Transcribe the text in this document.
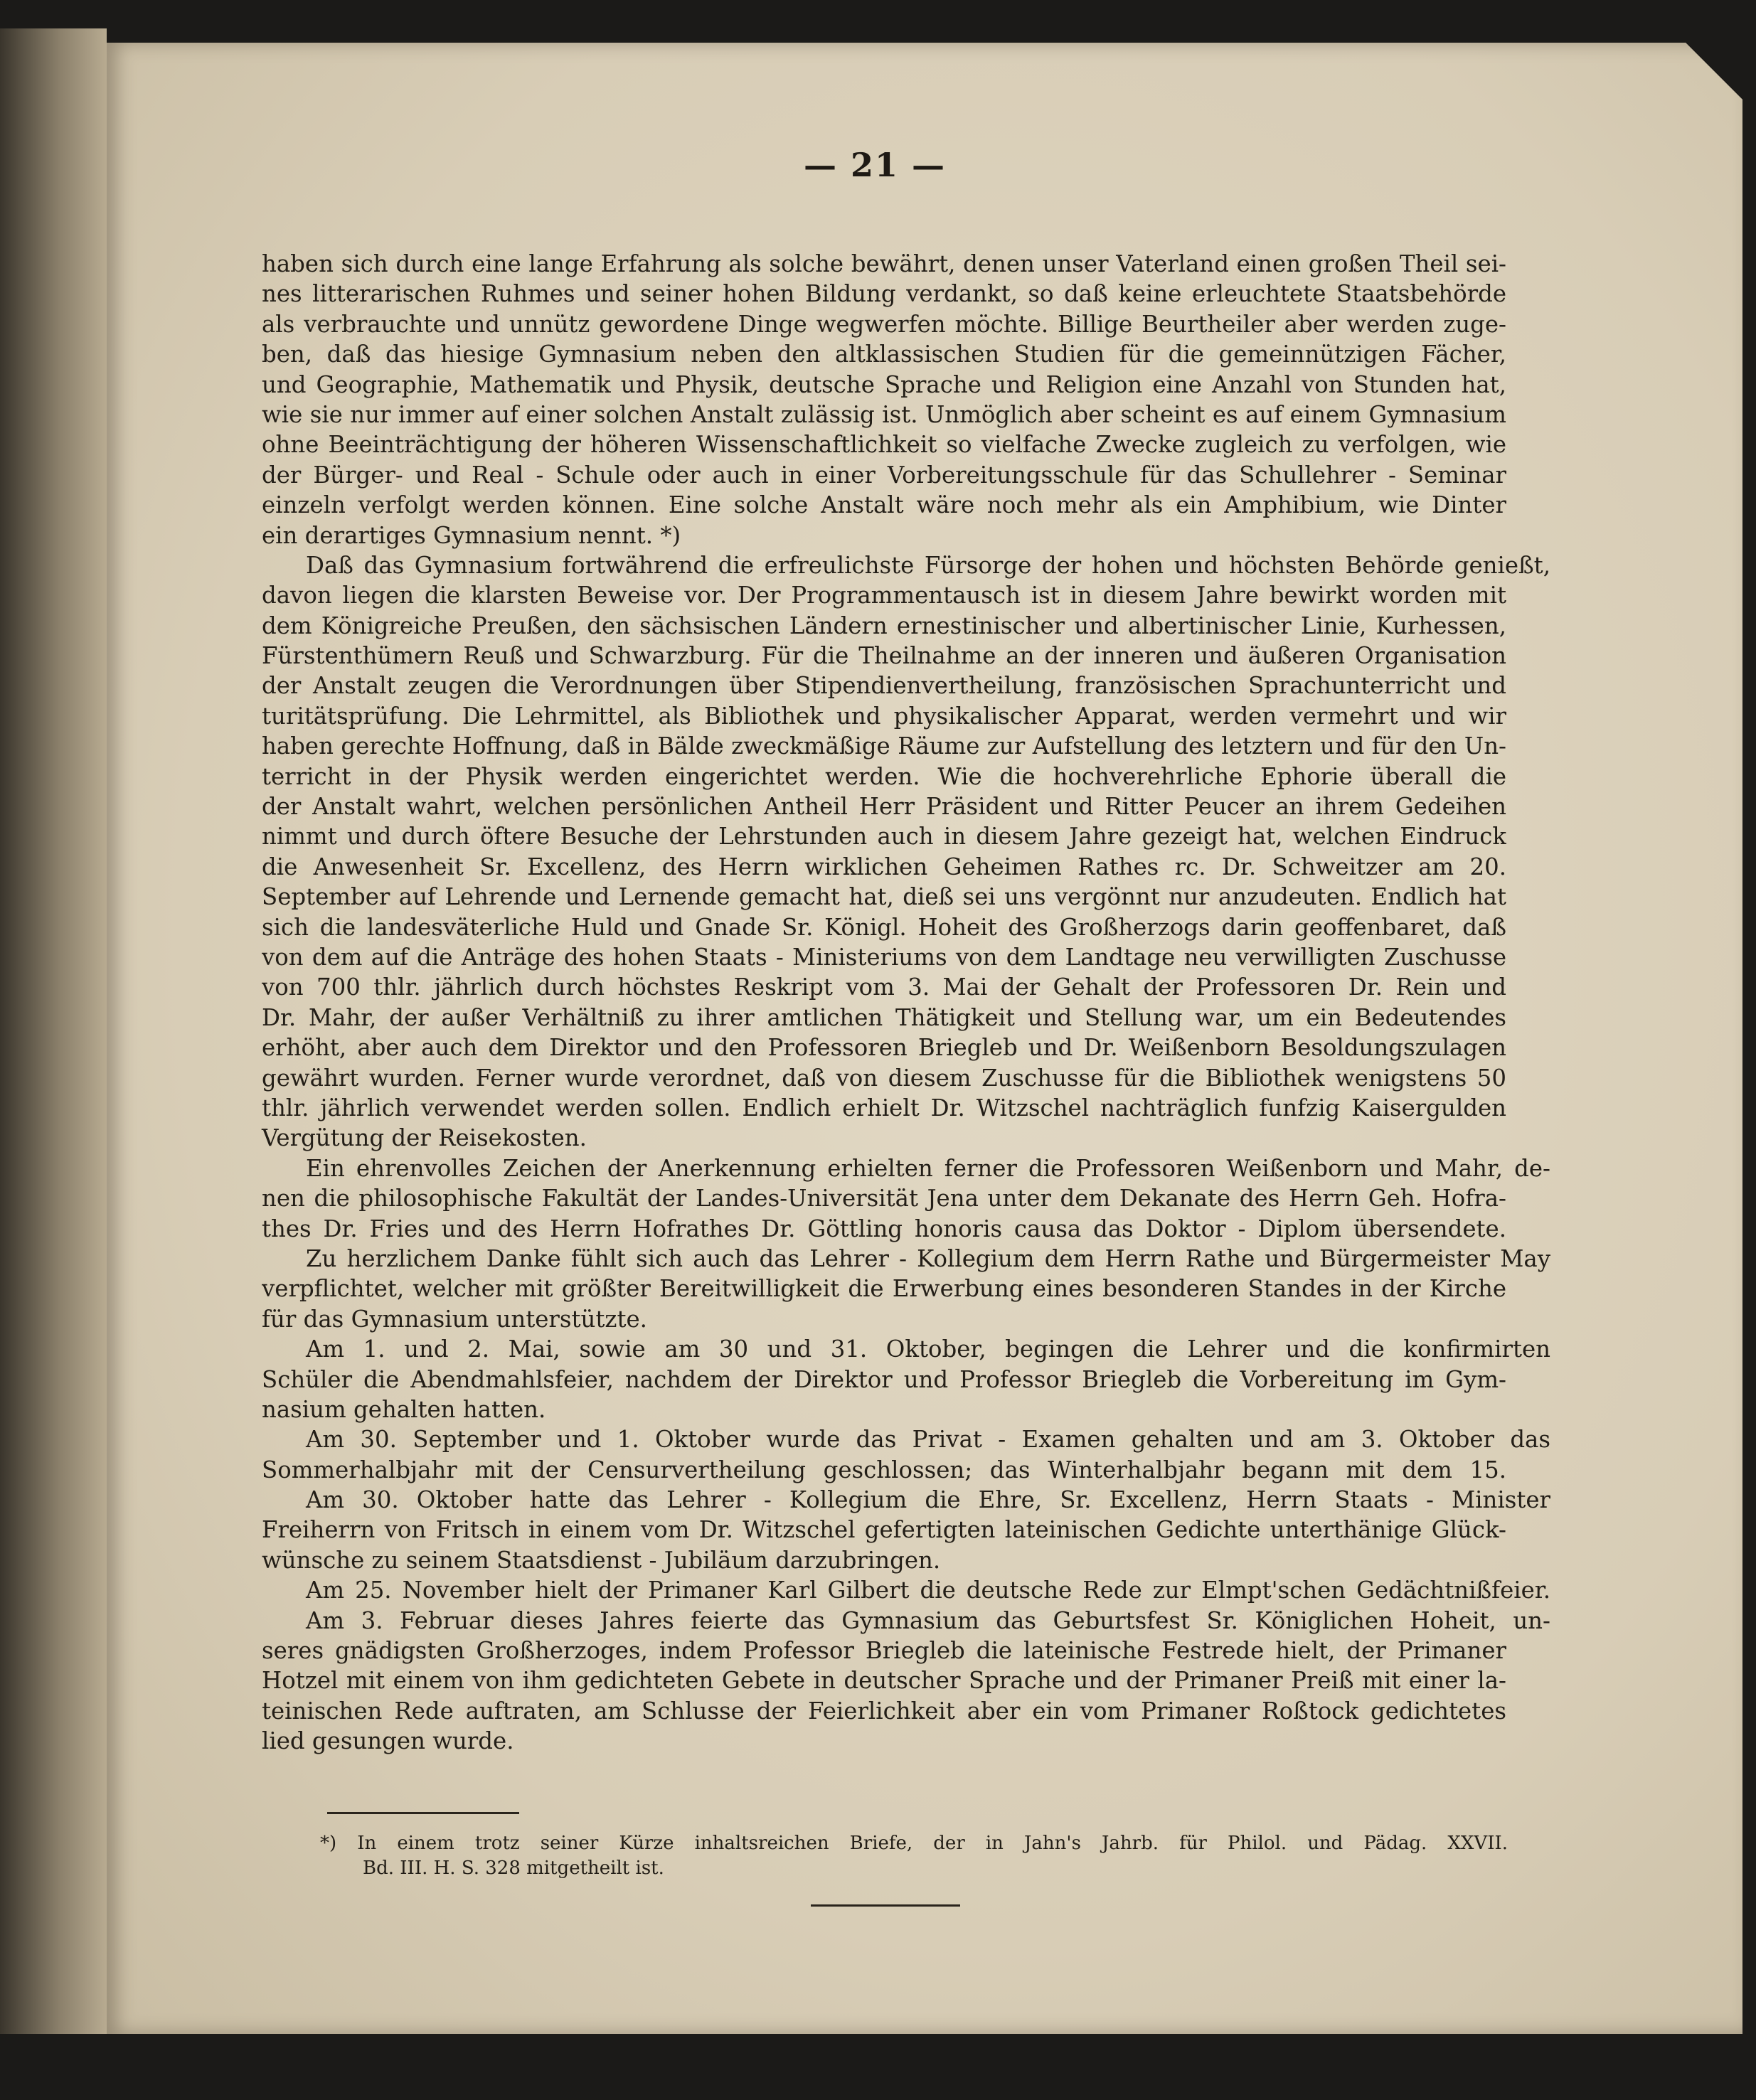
— 21 —
haben sich durch eine lange Erfahrung als solche bewährt, denen unser Vaterland einen großen Theil sei-
nes litterarischen Ruhmes und seiner hohen Bildung verdankt, so daß keine erleuchtete Staatsbehörde
als verbrauchte und unnütz gewordene Dinge wegwerfen möchte. Billige Beurtheiler aber werden zuge-
ben, daß das hiesige Gymnasium neben den altklassischen Studien für die gemeinnützigen Fächer,
und Geographie, Mathematik und Physik, deutsche Sprache und Religion eine Anzahl von Stunden hat,
wie sie nur immer auf einer solchen Anstalt zulässig ist. Unmöglich aber scheint es auf einem Gymnasium
ohne Beeinträchtigung der höheren Wissenschaftlichkeit so vielfache Zwecke zugleich zu verfolgen, wie
der Bürger- und Real - Schule oder auch in einer Vorbereitungsschule für das Schullehrer - Seminar
einzeln verfolgt werden können. Eine solche Anstalt wäre noch mehr als ein Amphibium, wie Dinter
ein derartiges Gymnasium nennt. *)
Daß das Gymnasium fortwährend die erfreulichste Fürsorge der hohen und höchsten Behörde genießt,
davon liegen die klarsten Beweise vor. Der Programmentausch ist in diesem Jahre bewirkt worden mit
dem Königreiche Preußen, den sächsischen Ländern ernestinischer und albertinischer Linie, Kurhessen,
Fürstenthümern Reuß und Schwarzburg. Für die Theilnahme an der inneren und äußeren Organisation
der Anstalt zeugen die Verordnungen über Stipendienvertheilung, französischen Sprachunterricht und
turitätsprüfung. Die Lehrmittel, als Bibliothek und physikalischer Apparat, werden vermehrt und wir
haben gerechte Hoffnung, daß in Bälde zweckmäßige Räume zur Aufstellung des letztern und für den Un-
terricht in der Physik werden eingerichtet werden. Wie die hochverehrliche Ephorie überall die
der Anstalt wahrt, welchen persönlichen Antheil Herr Präsident und Ritter Peucer an ihrem Gedeihen
nimmt und durch öftere Besuche der Lehrstunden auch in diesem Jahre gezeigt hat, welchen Eindruck
die Anwesenheit Sr. Excellenz, des Herrn wirklichen Geheimen Rathes rc. Dr. Schweitzer am 20.
September auf Lehrende und Lernende gemacht hat, dieß sei uns vergönnt nur anzudeuten. Endlich hat
sich die landesväterliche Huld und Gnade Sr. Königl. Hoheit des Großherzogs darin geoffenbaret, daß
von dem auf die Anträge des hohen Staats - Ministeriums von dem Landtage neu verwilligten Zuschusse
von 700 thlr. jährlich durch höchstes Reskript vom 3. Mai der Gehalt der Professoren Dr. Rein und
Dr. Mahr, der außer Verhältniß zu ihrer amtlichen Thätigkeit und Stellung war, um ein Bedeutendes
erhöht, aber auch dem Direktor und den Professoren Briegleb und Dr. Weißenborn Besoldungszulagen
gewährt wurden. Ferner wurde verordnet, daß von diesem Zuschusse für die Bibliothek wenigstens 50
thlr. jährlich verwendet werden sollen. Endlich erhielt Dr. Witzschel nachträglich funfzig Kaisergulden
Vergütung der Reisekosten.
Ein ehrenvolles Zeichen der Anerkennung erhielten ferner die Professoren Weißenborn und Mahr, de-
nen die philosophische Fakultät der Landes-Universität Jena unter dem Dekanate des Herrn Geh. Hofra-
thes Dr. Fries und des Herrn Hofrathes Dr. Göttling honoris causa das Doktor - Diplom übersendete.
Zu herzlichem Danke fühlt sich auch das Lehrer - Kollegium dem Herrn Rathe und Bürgermeister May
verpflichtet, welcher mit größter Bereitwilligkeit die Erwerbung eines besonderen Standes in der Kirche
für das Gymnasium unterstützte.
Am 1. und 2. Mai, sowie am 30 und 31. Oktober, begingen die Lehrer und die konfirmirten
Schüler die Abendmahlsfeier, nachdem der Direktor und Professor Briegleb die Vorbereitung im Gym-
nasium gehalten hatten.
Am 30. September und 1. Oktober wurde das Privat - Examen gehalten und am 3. Oktober das
Sommerhalbjahr mit der Censurvertheilung geschlossen; das Winterhalbjahr begann mit dem 15.
Am 30. Oktober hatte das Lehrer - Kollegium die Ehre, Sr. Excellenz, Herrn Staats - Minister
Freiherrn von Fritsch in einem vom Dr. Witzschel gefertigten lateinischen Gedichte unterthänige Glück-
wünsche zu seinem Staatsdienst - Jubiläum darzubringen.
Am 25. November hielt der Primaner Karl Gilbert die deutsche Rede zur Elmpt'schen Gedächtnißfeier.
Am 3. Februar dieses Jahres feierte das Gymnasium das Geburtsfest Sr. Königlichen Hoheit, un-
seres gnädigsten Großherzoges, indem Professor Briegleb die lateinische Festrede hielt, der Primaner
Hotzel mit einem von ihm gedichteten Gebete in deutscher Sprache und der Primaner Preiß mit einer la-
teinischen Rede auftraten, am Schlusse der Feierlichkeit aber ein vom Primaner Roßtock gedichtetes
lied gesungen wurde.
*) In einem trotz seiner Kürze inhaltsreichen Briefe, der in Jahn's Jahrb. für Philol. und Pädag. XXVII.
Bd. III. H. S. 328 mitgetheilt ist.
